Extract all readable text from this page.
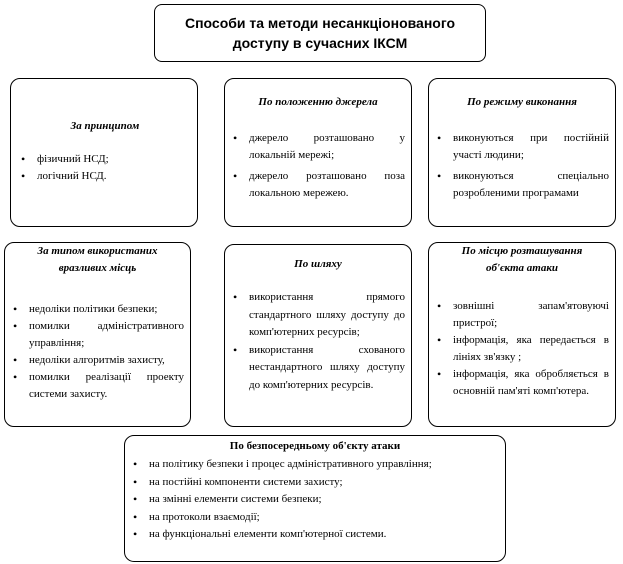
Способи та методи несанкціонованого
доступу в сучасних ІКСМ

За принципом

• фізичний НСД;
• логічний НСД.

По положенню джерела

• джерело розташовано у локальній мережі;
• джерело розташовано поза локальною мережею.

По режиму виконання

• виконуються при постійній участі людини;
• виконуються спеціально розробленими програмами
За типом використаних
вразливих місць
• недоліки політики безпеки;
• помилки адміністративного управління;
• недоліки алгоритмів захисту,
• помилки реалізації проекту системи захисту.

По шляху

• використання прямого стандартного шляху доступу до комп'ютерних ресурсів;
• використання схованого нестандартного шляху доступу до комп'ютерних ресурсів.
По місцю розташування
об'єкта атаки
• зовнішні запам'ятовуючі пристрої;
• інформація, яка передається в лініях зв'язку ;
• інформація, яка обробляється в основній пам'яті комп'ютера.
По безпосередньому об'єкту атаки
• на політику безпеки і процес адміністративного управління;
• на постійні компоненти системи захисту;
• на змінні елементи системи безпеки;
• на протоколи взаємодії;
• на функціональні елементи комп'ютерної системи.
